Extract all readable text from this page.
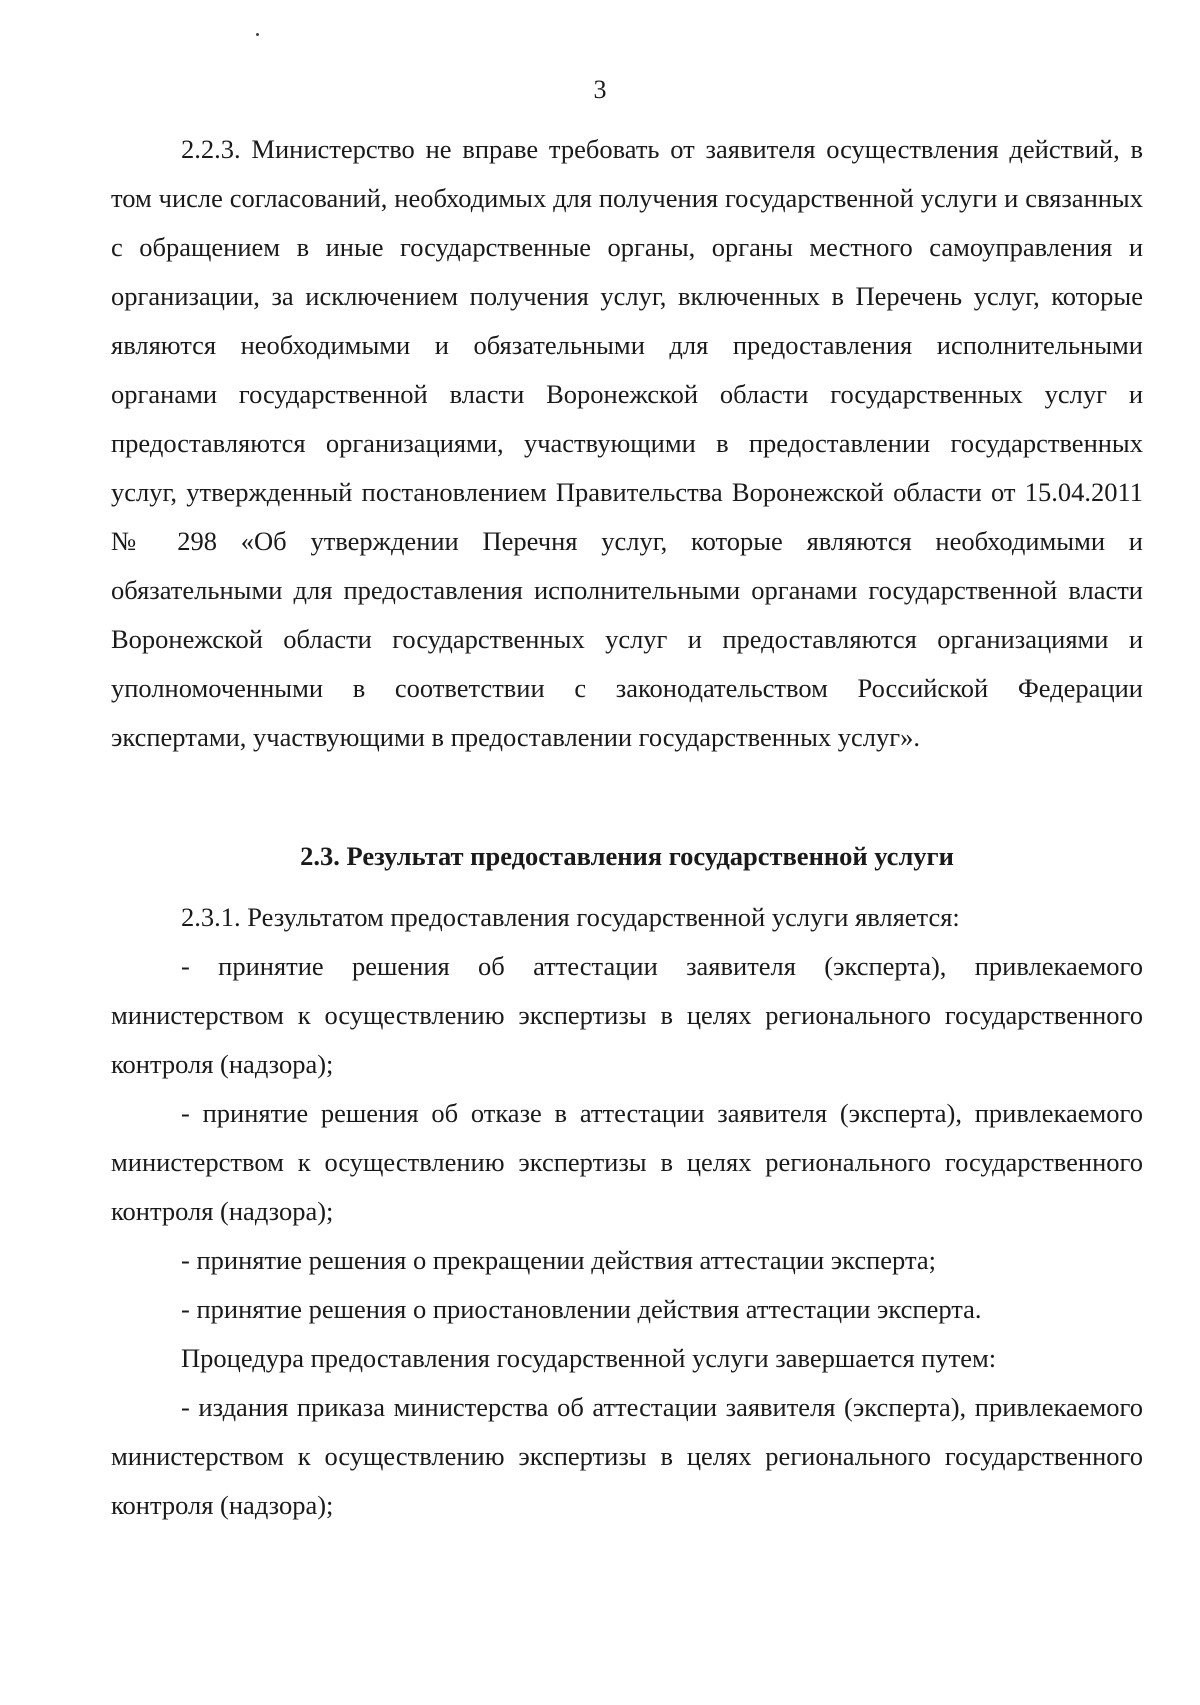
3

2.2.3. Министерство не вправе требовать от заявителя осуществления действий, в том числе согласований, необходимых для получения государственной услуги и связанных с обращением в иные государственные органы, органы местного самоуправления и организации, за исключением получения услуг, включенных в Перечень услуг, которые являются необходимыми и обязательными для предоставления исполнительными органами государственной власти Воронежской области государственных услуг и предоставляются организациями, участвующими в предоставлении государственных услуг, утвержденный постановлением Правительства Воронежской области от 15.04.2011 № 298 «Об утверждении Перечня услуг, которые являются необходимыми и обязательными для предоставления исполнительными органами государственной власти Воронежской области государственных услуг и предоставляются организациями и уполномоченными в соответствии с законодательством Российской Федерации экспертами, участвующими в предоставлении государственных услуг».

2.3. Результат предоставления государственной услуги

2.3.1. Результатом предоставления государственной услуги является:

- принятие решения об аттестации заявителя (эксперта), привлекаемого министерством к осуществлению экспертизы в целях регионального государственного контроля (надзора);

- принятие решения об отказе в аттестации заявителя (эксперта), привлекаемого министерством к осуществлению экспертизы в целях регионального государственного контроля (надзора);

- принятие решения о прекращении действия аттестации эксперта;

- принятие решения о приостановлении действия аттестации эксперта.

Процедура предоставления государственной услуги завершается путем:

- издания приказа министерства об аттестации заявителя (эксперта), привлекаемого министерством к осуществлению экспертизы в целях регионального государственного контроля (надзора);
